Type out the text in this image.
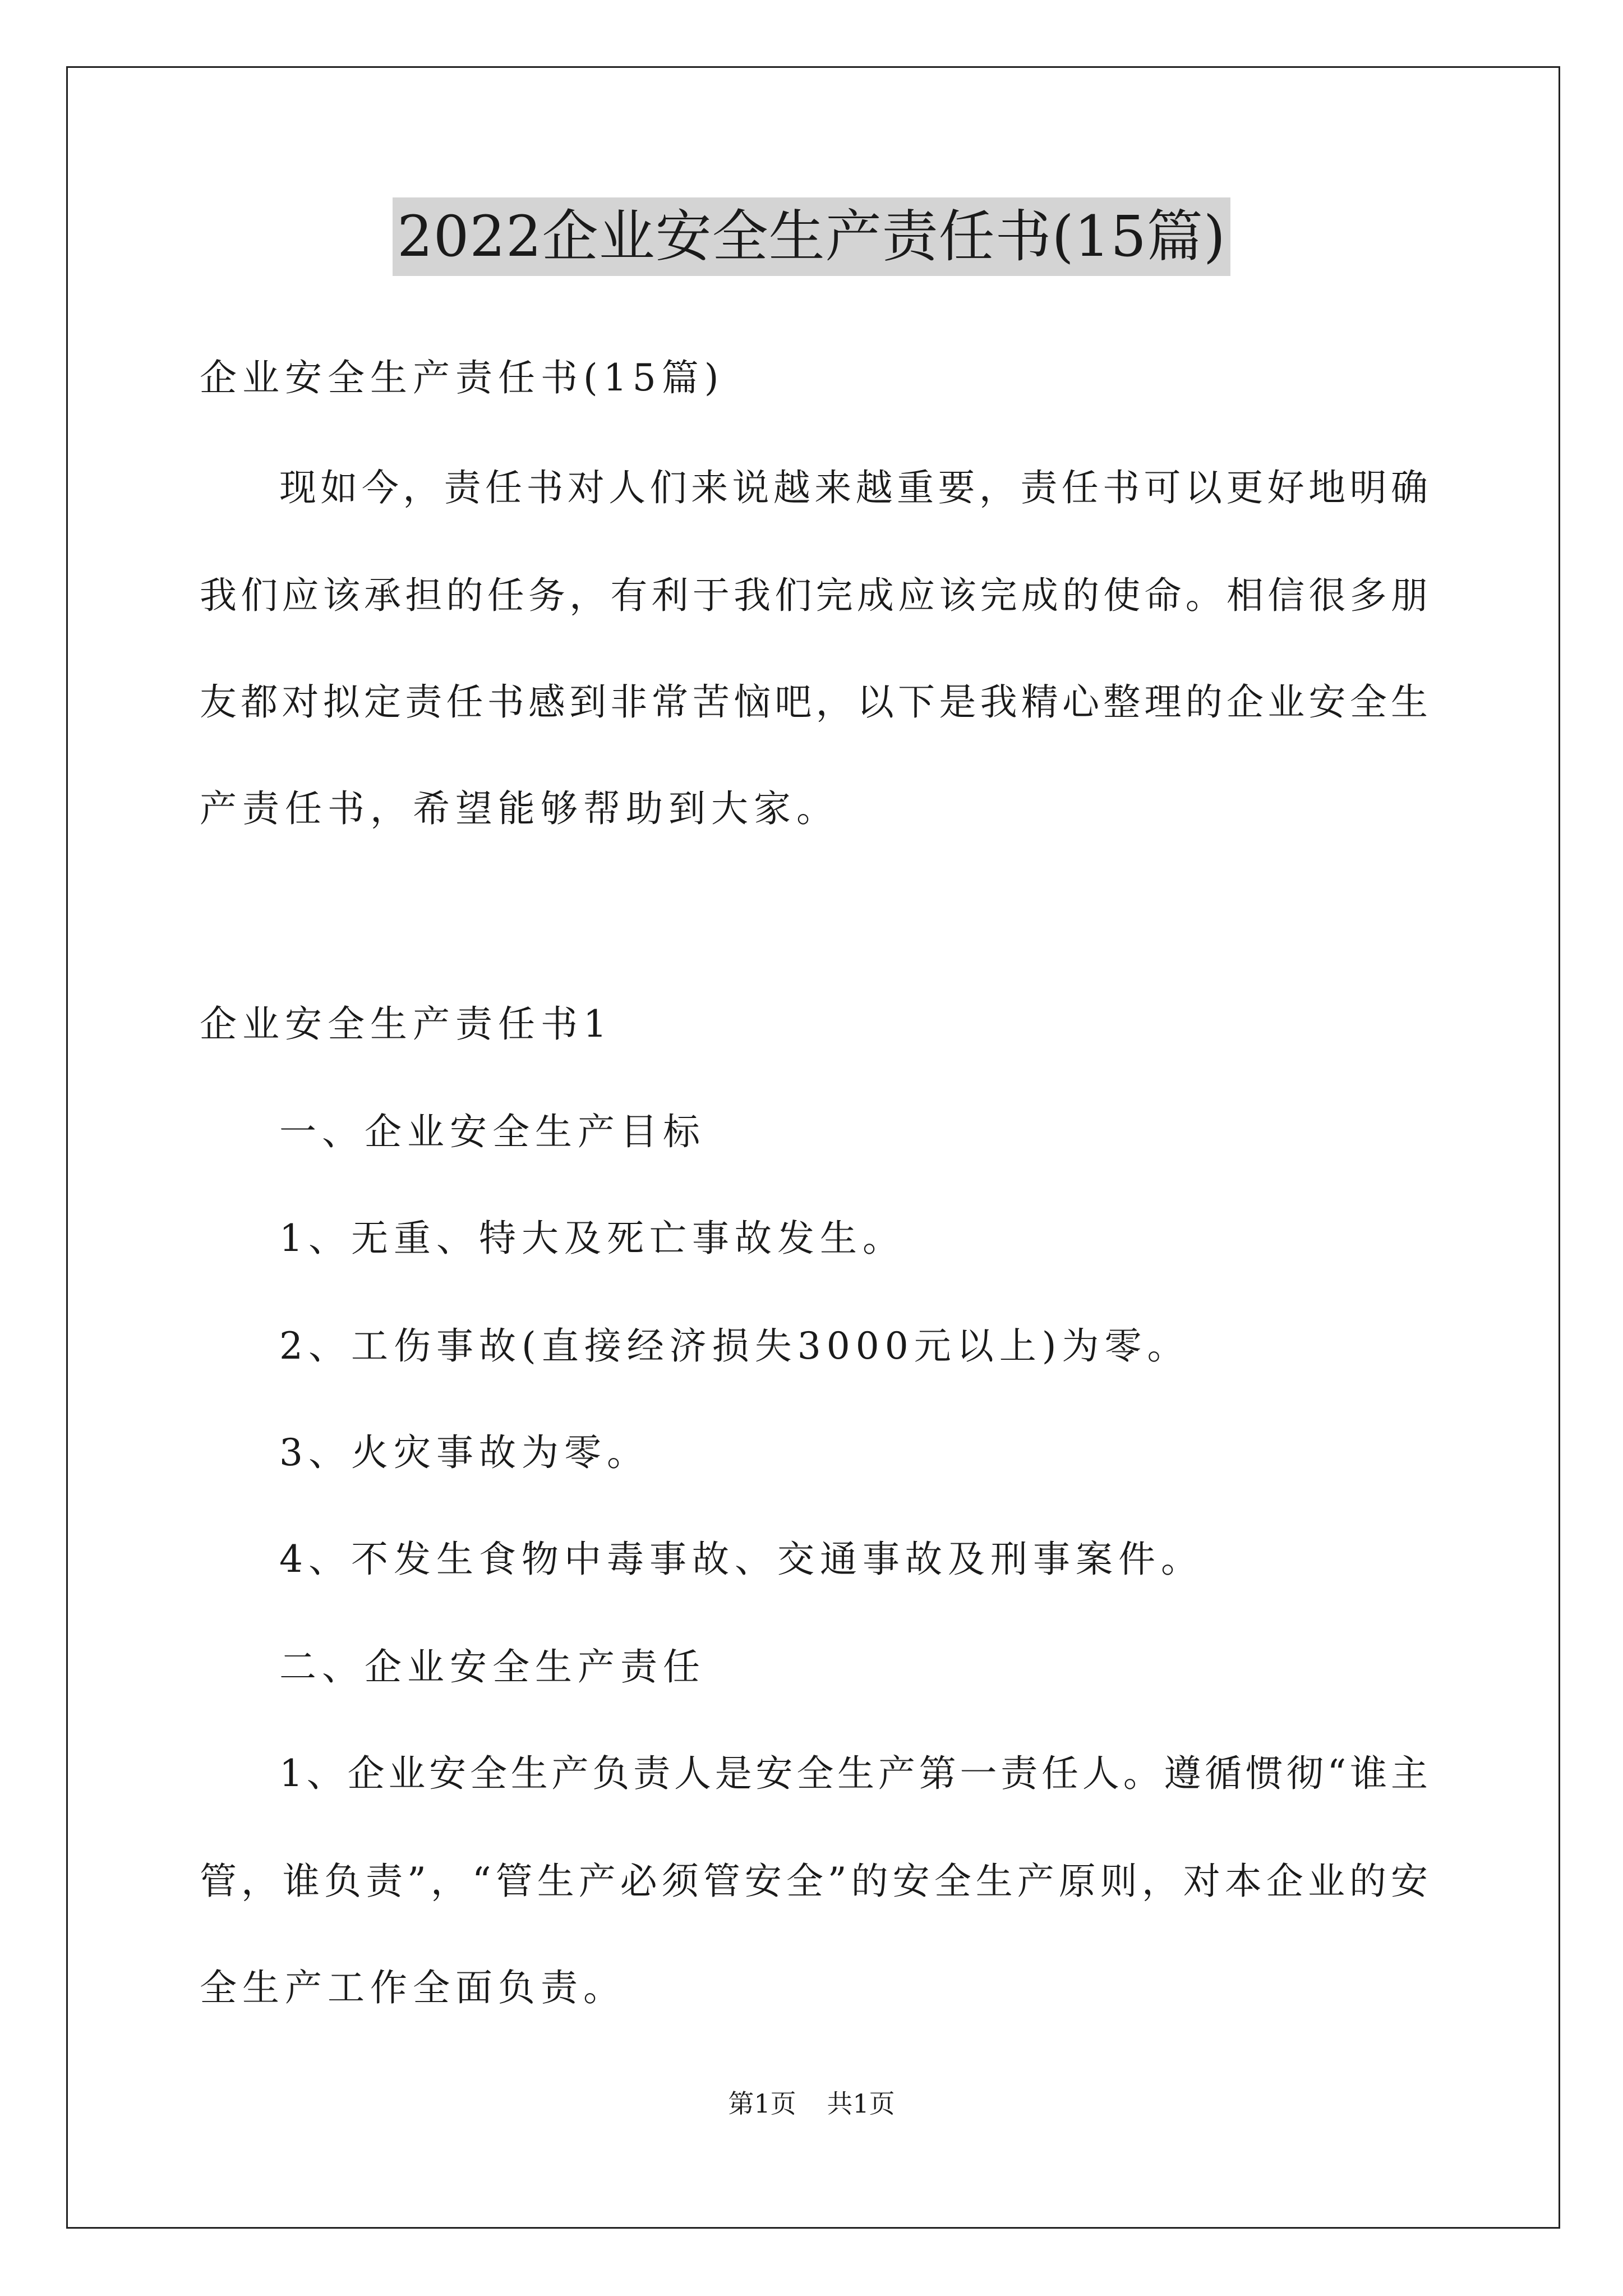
2022企业安全生产责任书(15篇)
企业安全生产责任书(15篇)
现如今，责任书对人们来说越来越重要，责任书可以更好地明确
我们应该承担的任务，有利于我们完成应该完成的使命。相信很多朋
友都对拟定责任书感到非常苦恼吧，以下是我精心整理的企业安全生
产责任书，希望能够帮助到大家。
企业安全生产责任书1
一、企业安全生产目标
1、无重、特大及死亡事故发生。
2、工伤事故(直接经济损失3000元以上)为零。
3、火灾事故为零。
4、不发生食物中毒事故、交通事故及刑事案件。
二、企业安全生产责任
1、企业安全生产负责人是安全生产第一责任人。遵循惯彻“谁主
管，谁负责”，“管生产必须管安全”的安全生产原则，对本企业的安
全生产工作全面负责。
第1页 共1页
